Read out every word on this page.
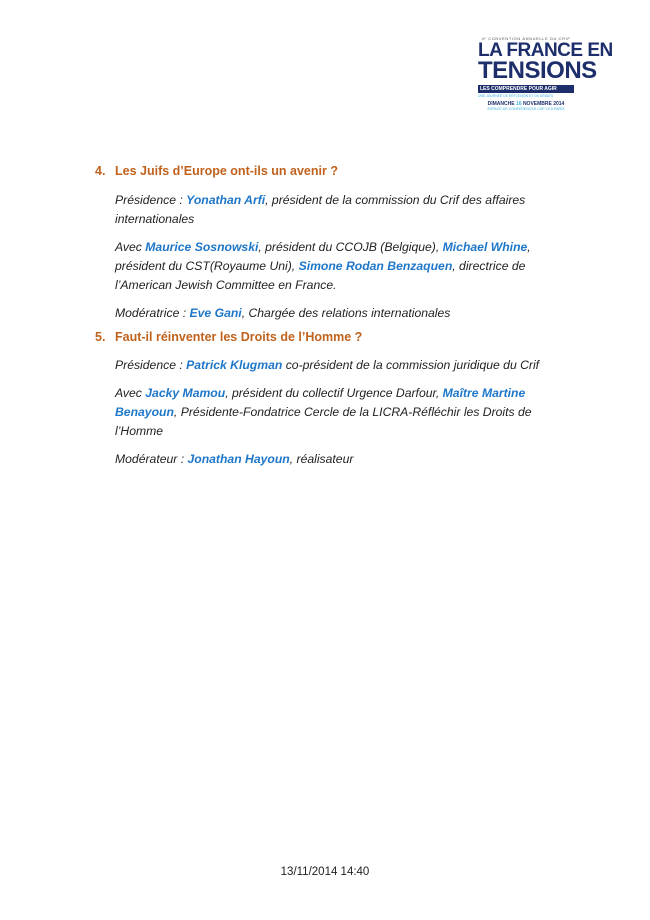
4ᵉ CONVENTION ANNUELLE DU CRIF
LA FRANCE EN
TENSIONS
LES COMPRENDRE POUR AGIR
UNE JOURNÉE DE RÉFLEXION ET DE DÉBATS
DIMANCHE 16 NOVEMBRE 2014
ESPACE DE CONFÉRENCES CAP 15 À PARIS
4. Les Juifs d’Europe ont-ils un avenir ?
Présidence : Yonathan Arfi, président de la commission du Crif des affaires internationales
Avec Maurice Sosnowski, président du CCOJB (Belgique), Michael Whine, président du CST(Royaume Uni), Simone Rodan Benzaquen, directrice de l’American Jewish Committee en France.
Modératrice : Eve Gani, Chargée des relations internationales
5. Faut-il réinventer les Droits de l’Homme ?
Présidence : Patrick Klugman co-président de la commission juridique du Crif
Avec Jacky Mamou, président du collectif Urgence Darfour, Maître Martine Benayoun, Présidente-Fondatrice Cercle de la LICRA-Réfléchir les Droits de l’Homme
Modérateur : Jonathan Hayoun, réalisateur
13/11/2014 14:40
